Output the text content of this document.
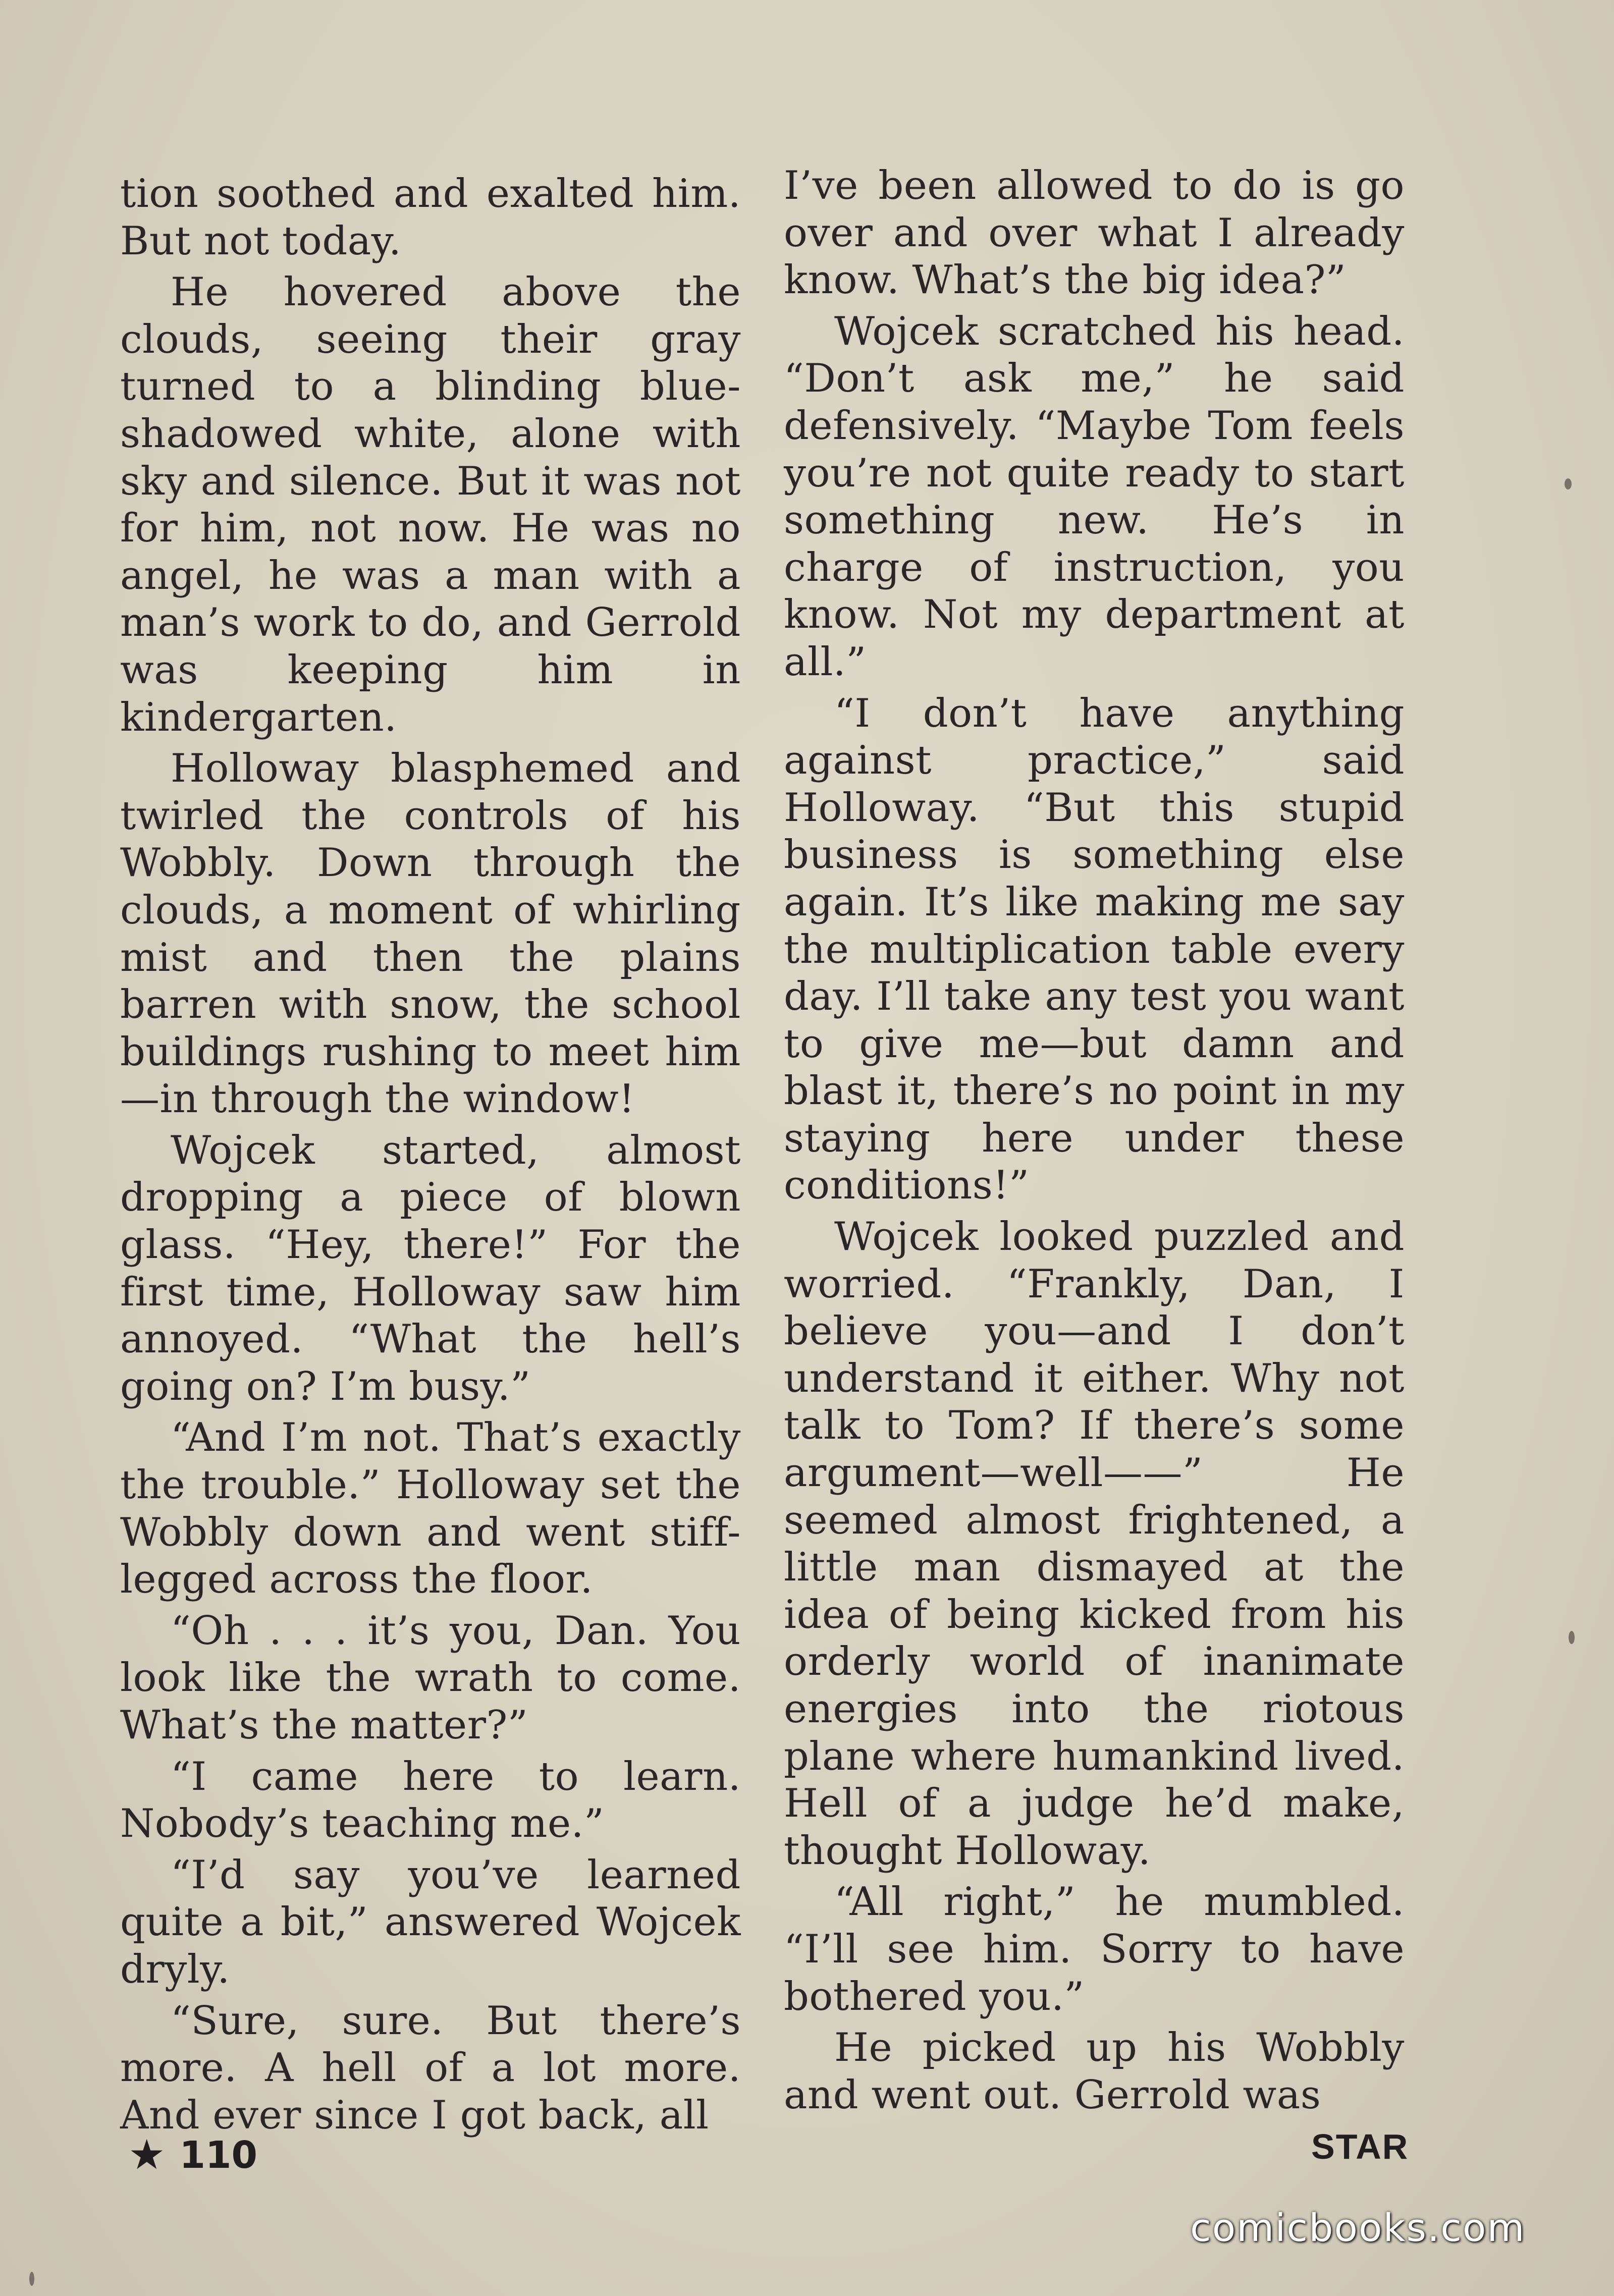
tion soothed and exalted him. But not today.

He hovered above the clouds, seeing their gray turned to a blinding blue-shadowed white, alone with sky and silence. But it was not for him, not now. He was no angel, he was a man with a man’s work to do, and Gerrold was keeping him in kindergarten.

Holloway blasphemed and twirled the controls of his Wobbly. Down through the clouds, a moment of whirling mist and then the plains barren with snow, the school buildings rushing to meet him —in through the window!

Wojcek started, almost dropping a piece of blown glass. “Hey, there!” For the first time, Holloway saw him annoyed. “What the hell’s going on? I’m busy.”

“And I’m not. That’s exactly the trouble.” Holloway set the Wobbly down and went stiff-legged across the floor.

“Oh . . . it’s you, Dan. You look like the wrath to come. What’s the matter?”

“I came here to learn. Nobody’s teaching me.”

“I’d say you’ve learned quite a bit,” answered Wojcek dryly.

“Sure, sure. But there’s more. A hell of a lot more. And ever since I got back, all

I’ve been allowed to do is go over and over what I already know. What’s the big idea?”

Wojcek scratched his head. “Don’t ask me,” he said defensively. “Maybe Tom feels you’re not quite ready to start something new. He’s in charge of instruction, you know. Not my department at all.”

“I don’t have anything against practice,” said Holloway. “But this stupid business is something else again. It’s like making me say the multiplication table every day. I’ll take any test you want to give me—but damn and blast it, there’s no point in my staying here under these conditions!”

Wojcek looked puzzled and worried. “Frankly, Dan, I believe you—and I don’t understand it either. Why not talk to Tom? If there’s some argument—well——” He seemed almost frightened, a little man dismayed at the idea of being kicked from his orderly world of inanimate energies into the riotous plane where humankind lived. Hell of a judge he’d make, thought Holloway.

“All right,” he mumbled. “I’ll see him. Sorry to have bothered you.”

He picked up his Wobbly and went out. Gerrold was

★ 110	STAR
comicbooks.com
